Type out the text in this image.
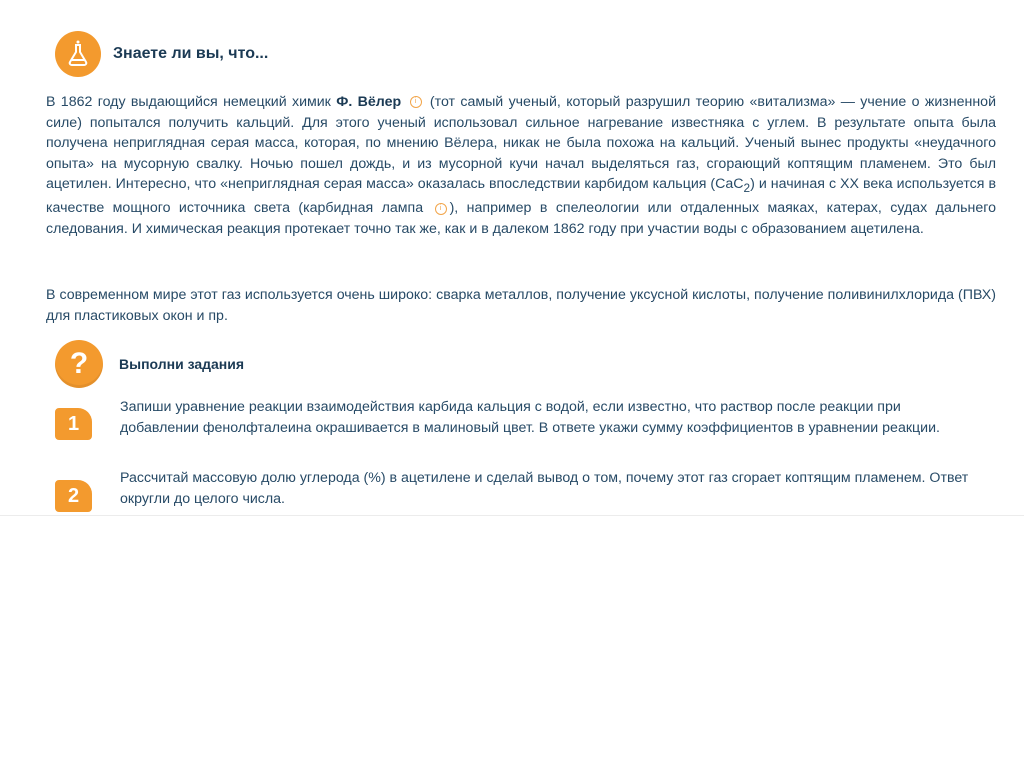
Знаете ли вы, что...
В 1862 году выдающийся немецкий химик Ф. Вёлер i (тот самый ученый, который разрушил теорию «витализма» — учение о жизненной силе) попытался получить кальций. Для этого ученый использовал сильное нагревание известняка с углем. В результате опыта была получена неприглядная серая масса, которая, по мнению Вёлера, никак не была похожа на кальций. Ученый вынес продукты «неудачного опыта» на мусорную свалку. Ночью пошел дождь, и из мусорной кучи начал выделяться газ, сгорающий коптящим пламенем. Это был ацетилен. Интересно, что «неприглядная серая масса» оказалась впоследствии карбидом кальция (CaC$_2$) и начиная с XX века используется в качестве мощного источника света (карбидная лампа i ), например в спелеологии или отдаленных маяках, катерах, судах дальнего следования. И химическая реакция протекает точно так же, как и в далеком 1862 году при участии воды с образованием ацетилена.
В современном мире этот газ используется очень широко: сварка металлов, получение уксусной кислоты, получение поливинилхлорида (ПВХ) для пластиковых окон и пр.
?	Выполни задания
1
Запиши уравнение реакции взаимодействия карбида кальция с водой, если известно, что раствор после реакции при добавлении фенолфталеина окрашивается в малиновый цвет. В ответе укажи сумму коэффициентов в уравнении реакции.
2
Рассчитай массовую долю углерода (%) в ацетилене и сделай вывод о том, почему этот газ сгорает коптящим пламенем. Ответ округли до целого числа.
